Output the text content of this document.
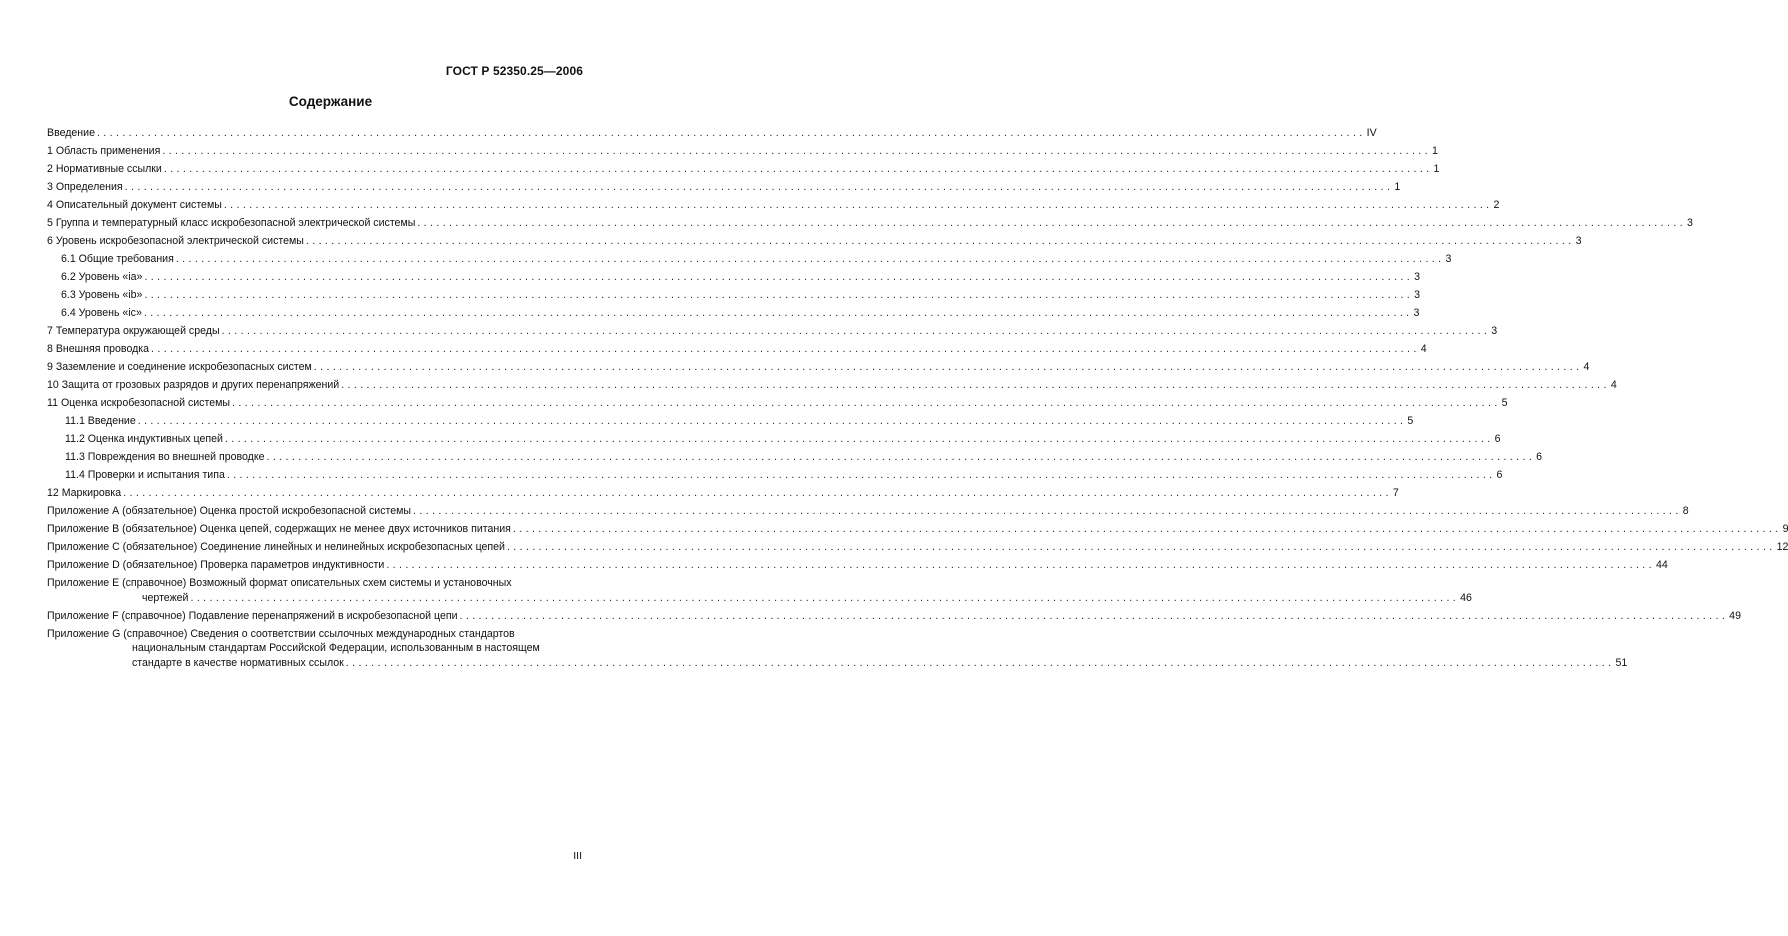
ГОСТ Р 52350.25—2006
Содержание
Введение ........................................................................................................................................................................................................ IV
1 Область применения ........................................................................................................................................................................................................ 1
2 Нормативные ссылки ........................................................................................................................................................................................................ 1
3 Определения ........................................................................................................................................................................................................ 1
4 Описательный документ системы ........................................................................................................................................................................................................ 2
5 Группа и температурный класс искробезопасной электрической системы ........................................................................................................................................................................................................ 3
6 Уровень искробезопасной электрической системы ........................................................................................................................................................................................................ 3
6.1 Общие требования ........................................................................................................................................................................................................ 3
6.2 Уровень «ia» ........................................................................................................................................................................................................ 3
6.3 Уровень «ib» ........................................................................................................................................................................................................ 3
6.4 Уровень «ic» ........................................................................................................................................................................................................ 3
7 Температура окружающей среды ........................................................................................................................................................................................................ 3
8 Внешняя проводка ........................................................................................................................................................................................................ 4
9 Заземление и соединение искробезопасных систем ........................................................................................................................................................................................................ 4
10 Защита от грозовых разрядов и других перенапряжений ........................................................................................................................................................................................................ 4
11 Оценка искробезопасной системы ........................................................................................................................................................................................................ 5
11.1 Введение ........................................................................................................................................................................................................ 5
11.2 Оценка индуктивных цепей ........................................................................................................................................................................................................ 6
11.3 Повреждения во внешней проводке ........................................................................................................................................................................................................ 6
11.4 Проверки и испытания типа ........................................................................................................................................................................................................ 6
12 Маркировка ........................................................................................................................................................................................................ 7
Приложение А (обязательное) Оценка простой искробезопасной системы ........................................................................................................................................................................................................ 8
Приложение В (обязательное) Оценка цепей, содержащих не менее двух источников питания ........................................................................................................................................................................................................ 9
Приложение С (обязательное) Соединение линейных и нелинейных искробезопасных цепей ........................................................................................................................................................................................................ 12
Приложение D (обязательное) Проверка параметров индуктивности ........................................................................................................................................................................................................ 44
Приложение Е (справочное) Возможный формат описательных схем системы и установочных
чертежей ........................................................................................................................................................................................................ 46
Приложение F (справочное) Подавление перенапряжений в искробезопасной цепи ........................................................................................................................................................................................................ 49
Приложение G (справочное) Сведения о соответствии ссылочных международных стандартов
национальным стандартам Российской Федерации, использованным в настоящем
стандарте в качестве нормативных ссылок ........................................................................................................................................................................................................ 51
III
